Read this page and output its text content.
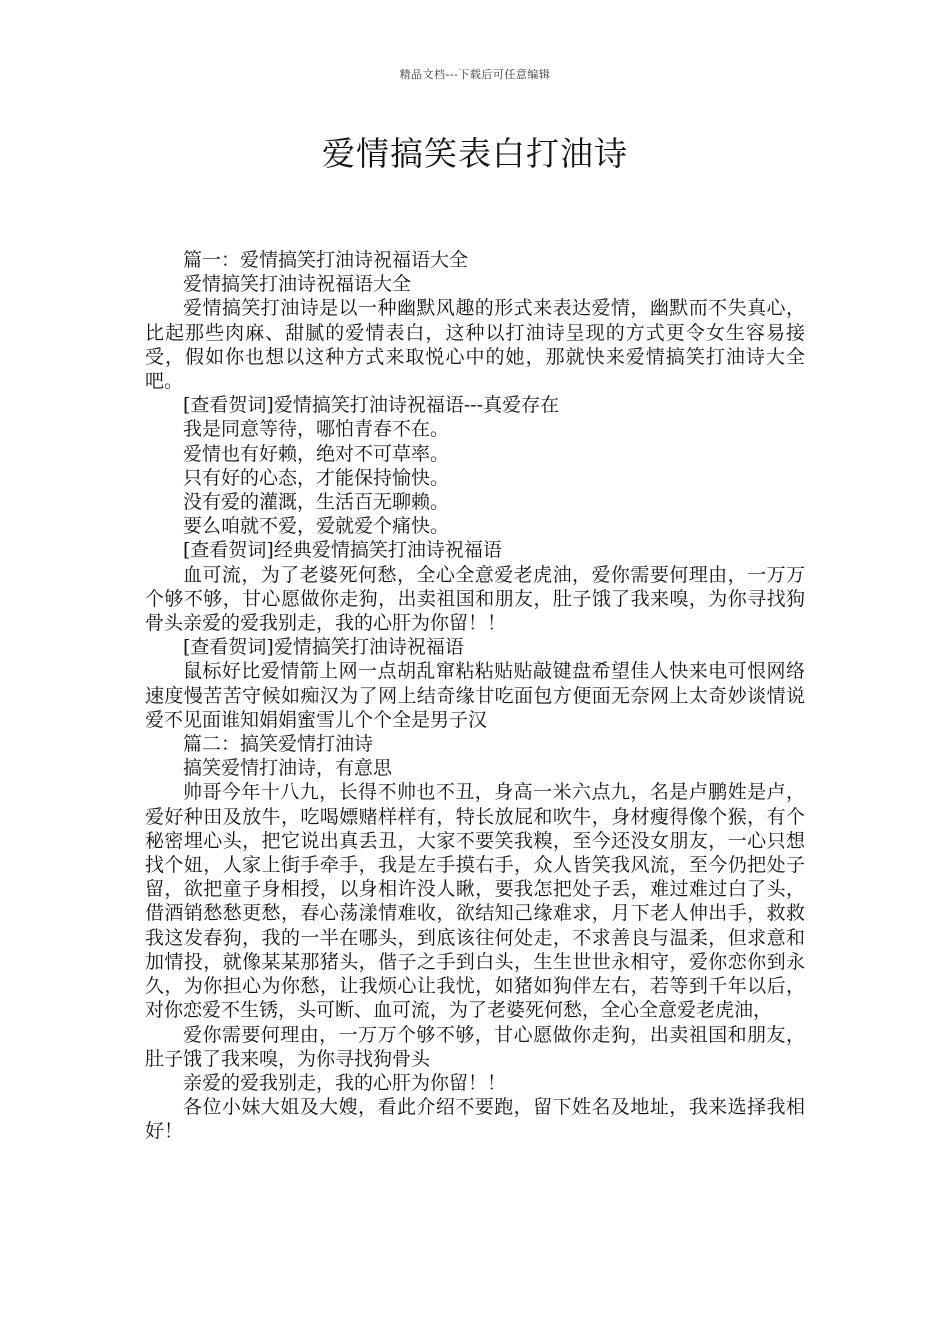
精品文档---下载后可任意编辑
爱情搞笑表白打油诗

篇一：爱情搞笑打油诗祝福语大全

爱情搞笑打油诗祝福语大全

爱情搞笑打油诗是以一种幽默风趣的形式来表达爱情，幽默而不失真心，比起那些肉麻、甜腻的爱情表白，这种以打油诗呈现的方式更令女生容易接受，假如你也想以这种方式来取悦心中的她，那就快来爱情搞笑打油诗大全吧。

[查看贺词]爱情搞笑打油诗祝福语---真爱存在

我是同意等待，哪怕青春不在。

爱情也有好赖，绝对不可草率。

只有好的心态，才能保持愉快。

没有爱的灌溉，生活百无聊赖。

要么咱就不爱，爱就爱个痛快。

[查看贺词]经典爱情搞笑打油诗祝福语

血可流，为了老婆死何愁，全心全意爱老虎油，爱你需要何理由，一万万个够不够，甘心愿做你走狗，出卖祖国和朋友，肚子饿了我来嗅，为你寻找狗骨头亲爱的爱我别走，我的心肝为你留！！

[查看贺词]爱情搞笑打油诗祝福语

鼠标好比爱情箭上网一点胡乱窜粘粘贴贴敲键盘希望佳人快来电可恨网络速度慢苦苦守候如痴汉为了网上结奇缘甘吃面包方便面无奈网上太奇妙谈情说爱不见面谁知娟娟蜜雪儿个个全是男子汉

篇二：搞笑爱情打油诗

搞笑爱情打油诗，有意思

帅哥今年十八九，长得不帅也不丑，身高一米六点九，名是卢鹏姓是卢，爱好种田及放牛，吃喝嫖赌样样有，特长放屁和吹牛，身材瘦得像个猴，有个秘密埋心头，把它说出真丢丑，大家不要笑我糗，至今还没女朋友，一心只想找个妞，人家上街手牵手，我是左手摸右手，众人皆笑我风流，至今仍把处子留，欲把童子身相授，以身相许没人瞅，要我怎把处子丢，难过难过白了头，借酒销愁愁更愁，春心荡漾情难收，欲结知己缘难求，月下老人伸出手，救救我这发春狗，我的一半在哪头，到底该往何处走，不求善良与温柔，但求意和加情投，就像某某那猪头，偕子之手到白头，生生世世永相守，爱你恋你到永久，为你担心为你愁，让我烦心让我忧，如猪如狗伴左右，若等到千年以后，对你恋爱不生锈，头可断、血可流，为了老婆死何愁，全心全意爱老虎油，

爱你需要何理由，一万万个够不够，甘心愿做你走狗，出卖祖国和朋友，肚子饿了我来嗅，为你寻找狗骨头

亲爱的爱我别走，我的心肝为你留！！

各位小妹大姐及大嫂，看此介绍不要跑，留下姓名及地址，我来选择我相好！
